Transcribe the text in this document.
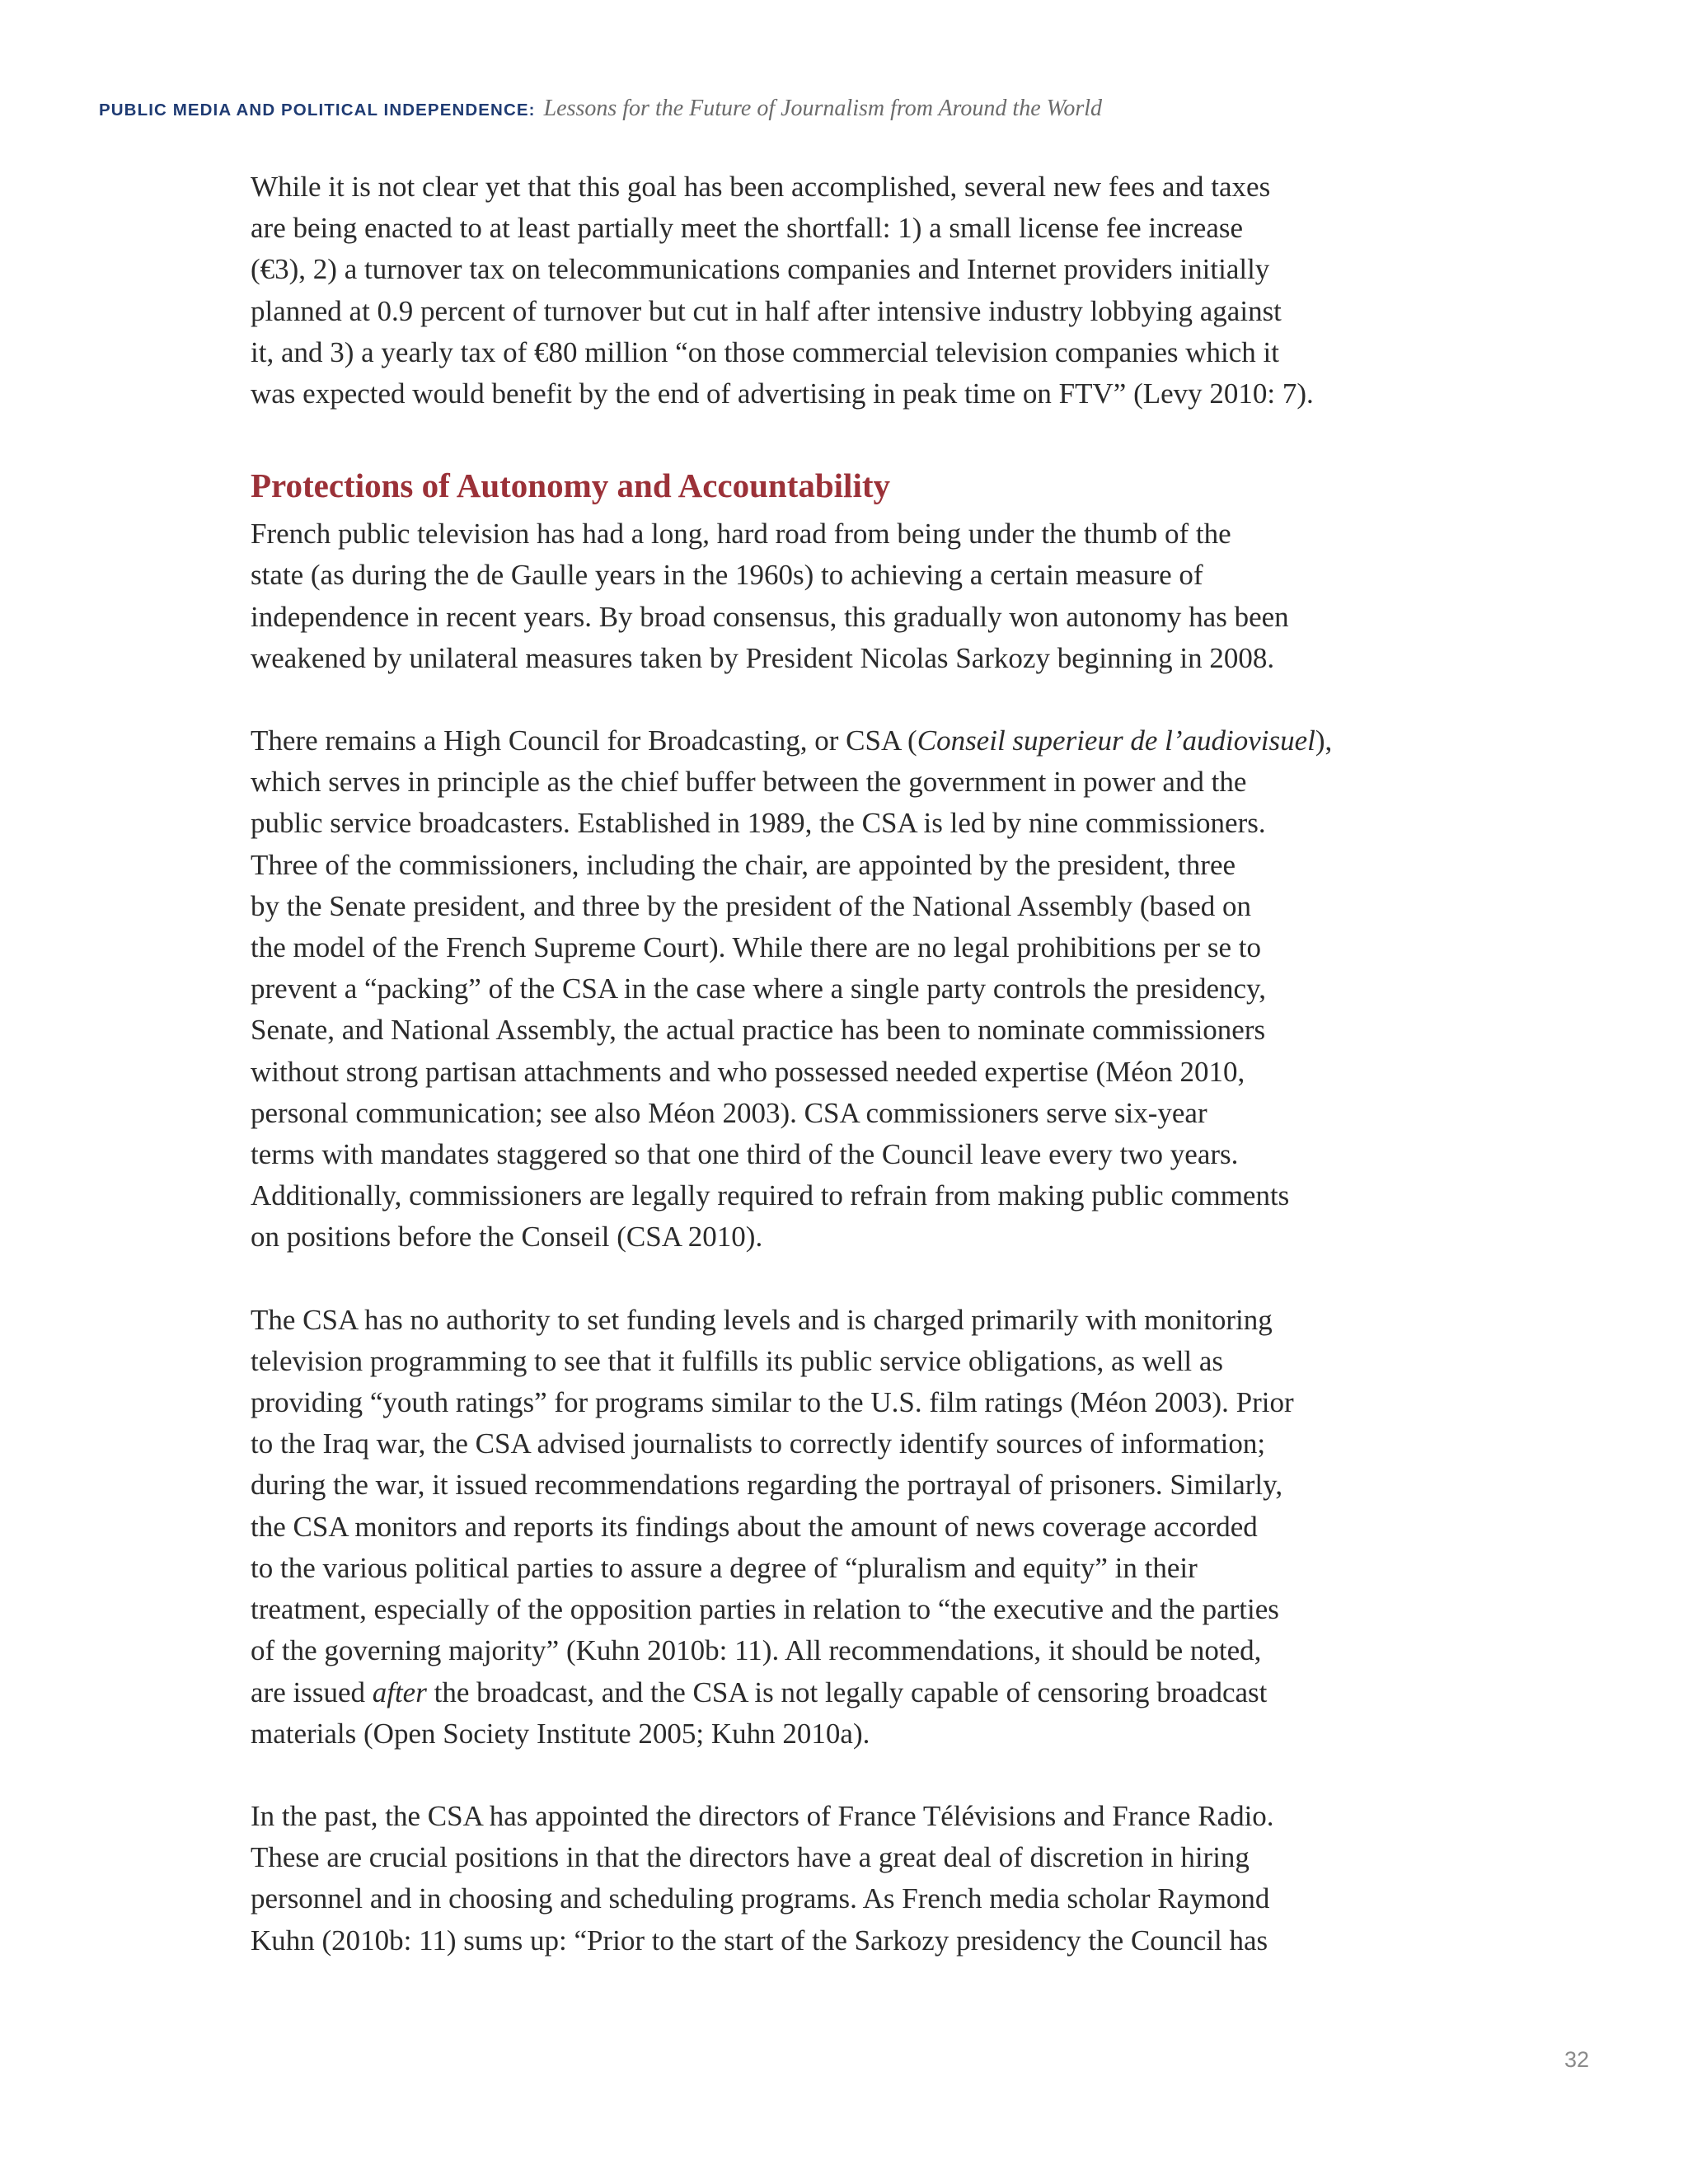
PUBLIC MEDIA AND POLITICAL INDEPENDENCE: Lessons for the Future of Journalism from Around the World
While it is not clear yet that this goal has been accomplished, several new fees and taxes
are being enacted to at least partially meet the shortfall: 1) a small license fee increase
(€3), 2) a turnover tax on telecommunications companies and Internet providers initially
planned at 0.9 percent of turnover but cut in half after intensive industry lobbying against
it, and 3) a yearly tax of €80 million “on those commercial television companies which it
was expected would benefit by the end of advertising in peak time on FTV” (Levy 2010: 7).
Protections of Autonomy and Accountability
French public television has had a long, hard road from being under the thumb of the
state (as during the de Gaulle years in the 1960s) to achieving a certain measure of
independence in recent years. By broad consensus, this gradually won autonomy has been
weakened by unilateral measures taken by President Nicolas Sarkozy beginning in 2008.
There remains a High Council for Broadcasting, or CSA (Conseil superieur de l’audiovisuel),
which serves in principle as the chief buffer between the government in power and the
public service broadcasters. Established in 1989, the CSA is led by nine commissioners.
Three of the commissioners, including the chair, are appointed by the president, three
by the Senate president, and three by the president of the National Assembly (based on
the model of the French Supreme Court). While there are no legal prohibitions per se to
prevent a “packing” of the CSA in the case where a single party controls the presidency,
Senate, and National Assembly, the actual practice has been to nominate commissioners
without strong partisan attachments and who possessed needed expertise (Méon 2010,
personal communication; see also Méon 2003). CSA commissioners serve six-year
terms with mandates staggered so that one third of the Council leave every two years.
Additionally, commissioners are legally required to refrain from making public comments
on positions before the Conseil (CSA 2010).
The CSA has no authority to set funding levels and is charged primarily with monitoring
television programming to see that it fulfills its public service obligations, as well as
providing “youth ratings” for programs similar to the U.S. film ratings (Méon 2003). Prior
to the Iraq war, the CSA advised journalists to correctly identify sources of information;
during the war, it issued recommendations regarding the portrayal of prisoners. Similarly,
the CSA monitors and reports its findings about the amount of news coverage accorded
to the various political parties to assure a degree of “pluralism and equity” in their
treatment, especially of the opposition parties in relation to “the executive and the parties
of the governing majority” (Kuhn 2010b: 11). All recommendations, it should be noted,
are issued after the broadcast, and the CSA is not legally capable of censoring broadcast
materials (Open Society Institute 2005; Kuhn 2010a).
In the past, the CSA has appointed the directors of France Télévisions and France Radio.
These are crucial positions in that the directors have a great deal of discretion in hiring
personnel and in choosing and scheduling programs. As French media scholar Raymond
Kuhn (2010b: 11) sums up: “Prior to the start of the Sarkozy presidency the Council has
32
